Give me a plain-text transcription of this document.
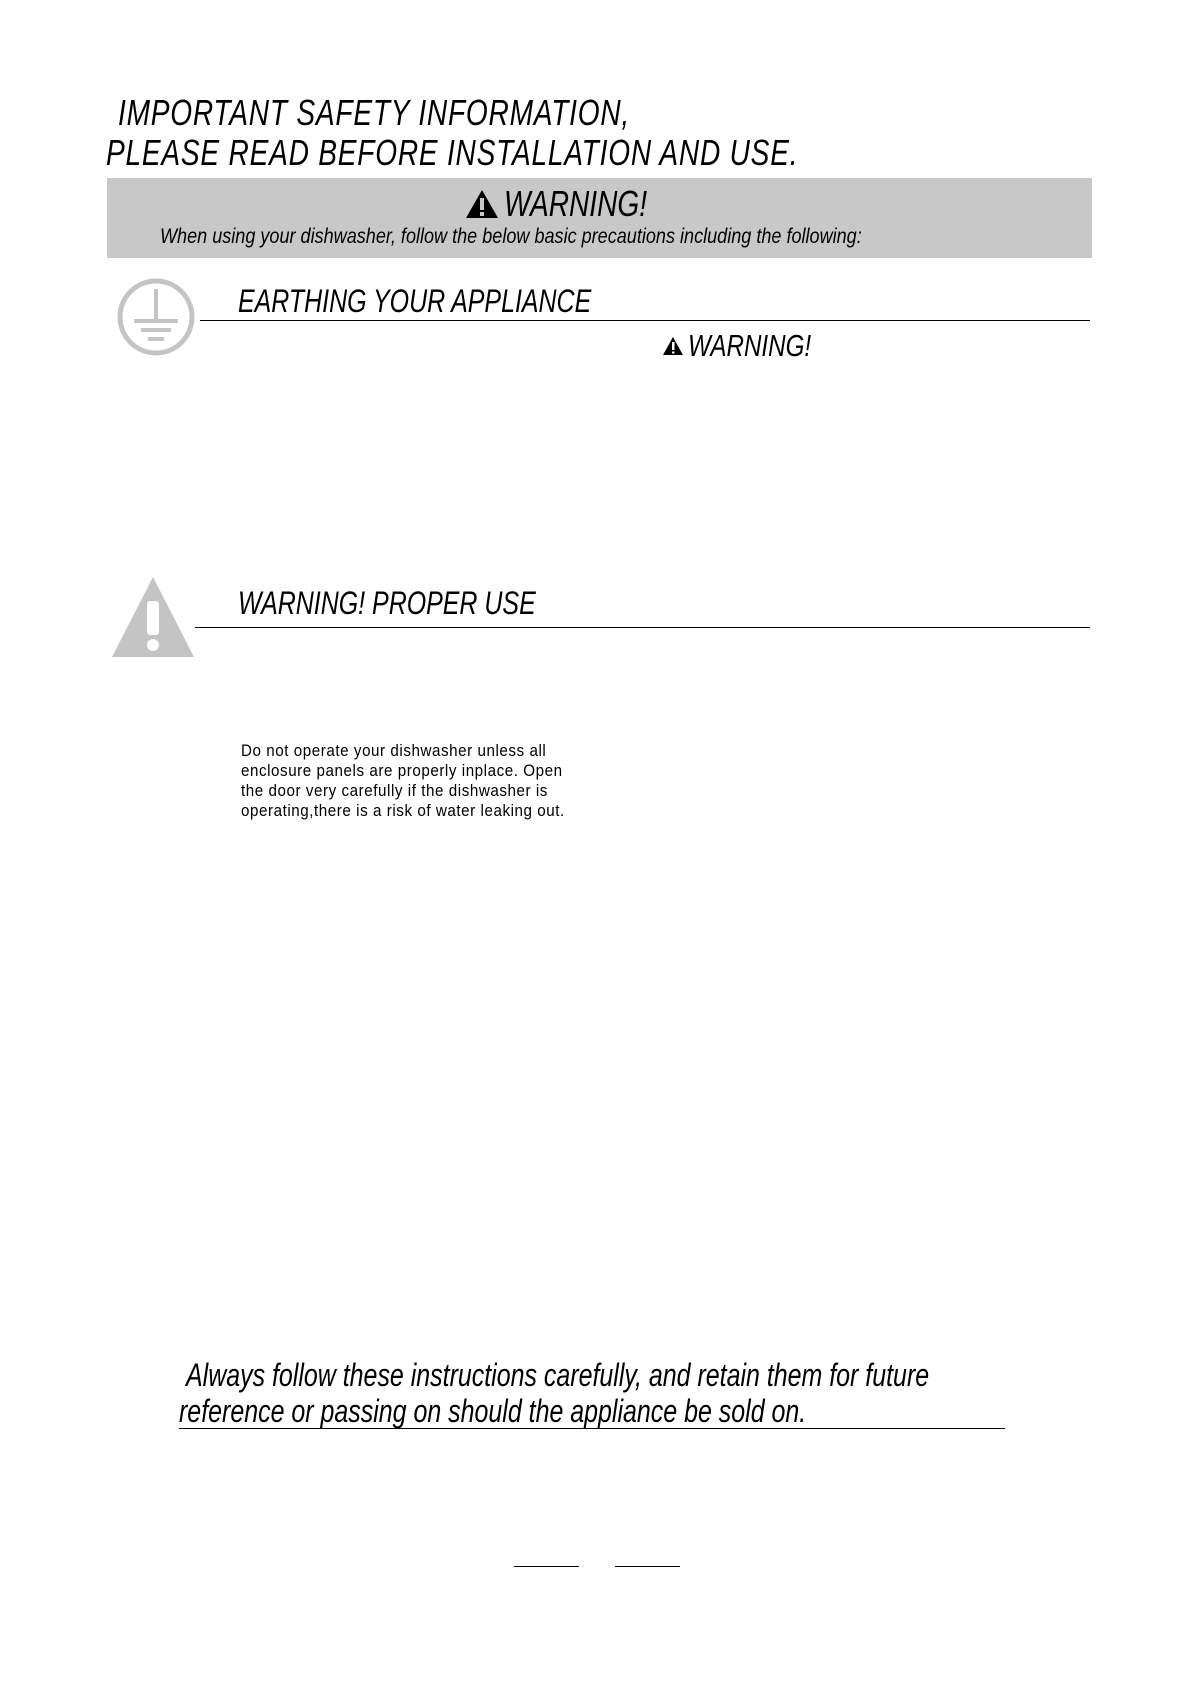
IMPORTANT SAFETY INFORMATION,
PLEASE READ BEFORE INSTALLATION AND USE.
WARNING!
When using your dishwasher, follow the below basic precautions including the following:
EARTHING YOUR APPLIANCE
WARNING!
WARNING! PROPER USE
Do not operate your dishwasher unless all
enclosure panels are properly inplace. Open
the door very carefully if the dishwasher is
operating,there is a risk of water leaking out.
Always follow these instructions carefully, and retain them for future
reference or passing on should the appliance be sold on.
